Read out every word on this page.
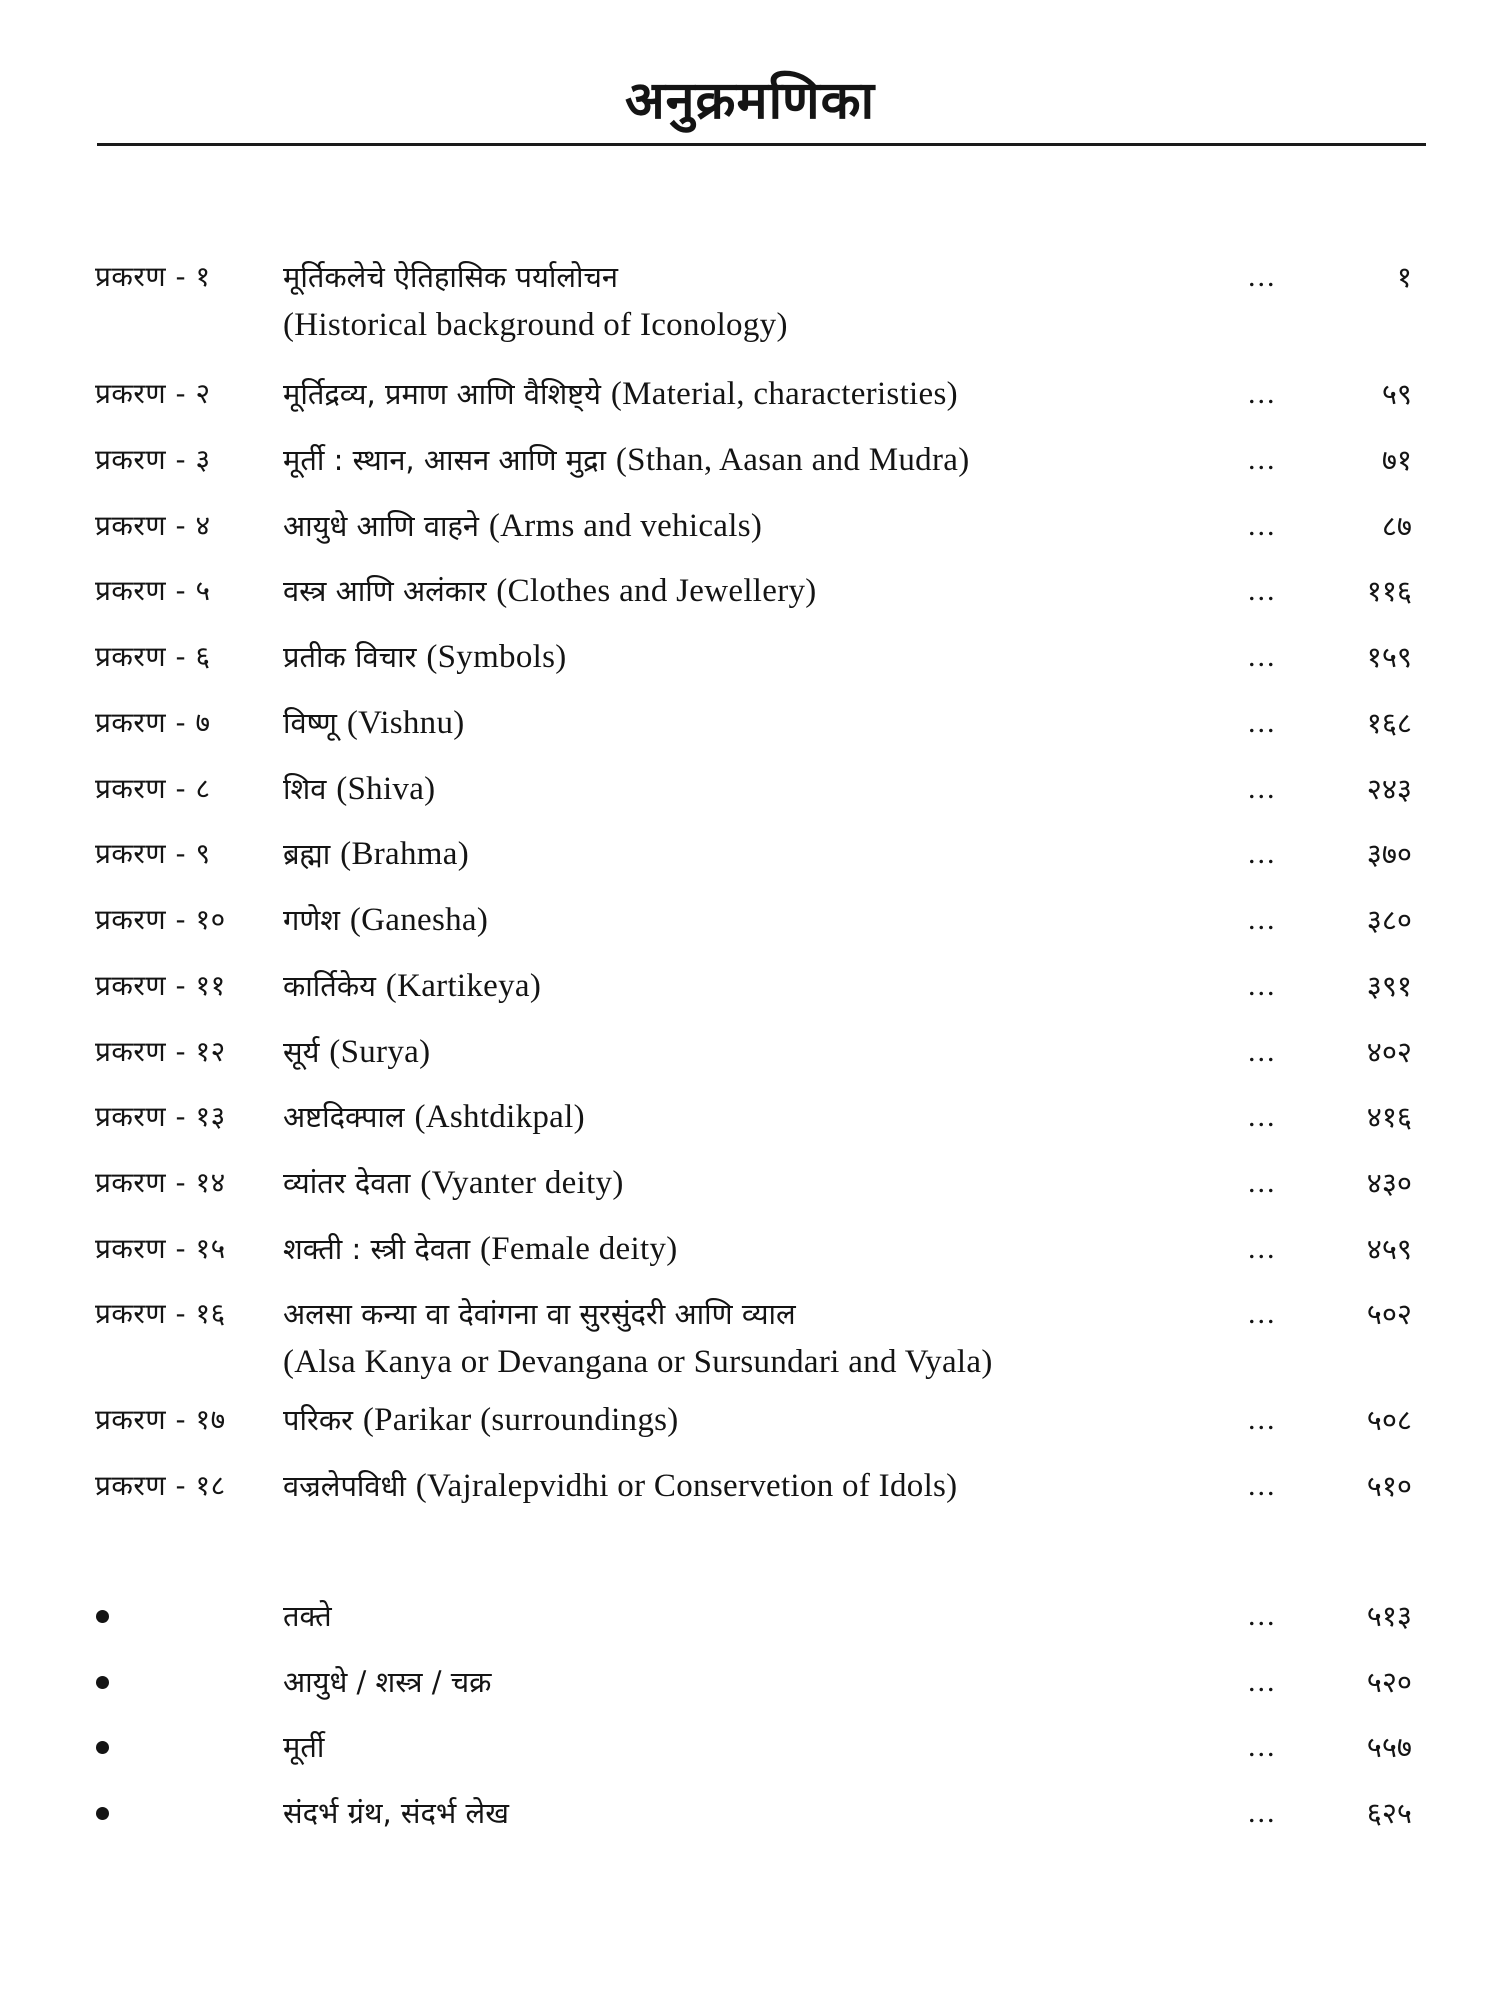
अनुक्रमणिका
प्रकरण - १ मूर्तिकलेचे ऐतिहासिक पर्यालोचन
(Historical background of Iconology)
...	१
प्रकरण - २ मूर्तिद्रव्य, प्रमाण आणि वैशिष्ट्ये (Material, characteristies)	...	५९
प्रकरण - ३ मूर्ती : स्थान, आसन आणि मुद्रा (Sthan, Aasan and Mudra)	...	७१
प्रकरण - ४ आयुधे आणि वाहने (Arms and vehicals)	...	८७
प्रकरण - ५ वस्त्र आणि अलंकार (Clothes and Jewellery)	...	११६
प्रकरण - ६ प्रतीक विचार (Symbols)	...	१५९
प्रकरण - ७ विष्णू (Vishnu)	...	१६८
प्रकरण - ८ शिव (Shiva)	...	२४३
प्रकरण - ९ ब्रह्मा (Brahma)	...	३७०
प्रकरण - १० गणेश (Ganesha)	...	३८०
प्रकरण - ११ कार्तिकेय (Kartikeya)	...	३९१
प्रकरण - १२ सूर्य (Surya)	...	४०२
प्रकरण - १३ अष्टदिक्पाल (Ashtdikpal)	...	४१६
प्रकरण - १४ व्यांतर देवता (Vyanter deity)	...	४३०
प्रकरण - १५ शक्ती : स्त्री देवता (Female deity)	...	४५९
प्रकरण - १६ अलसा कन्या वा देवांगना वा सुरसुंदरी आणि व्याल
(Alsa Kanya or Devangana or Sursundari and Vyala)
...	५०२
प्रकरण - १७ परिकर (Parikar (surroundings)	...	५०८
प्रकरण - १८ वज्रलेपविधी (Vajralepvidhi or Conservetion of Idols)	...	५१०
तक्ते	...	५१३
आयुधे / शस्त्र / चक्र	...	५२०
मूर्ती	...	५५७
संदर्भ ग्रंथ, संदर्भ लेख	...	६२५
